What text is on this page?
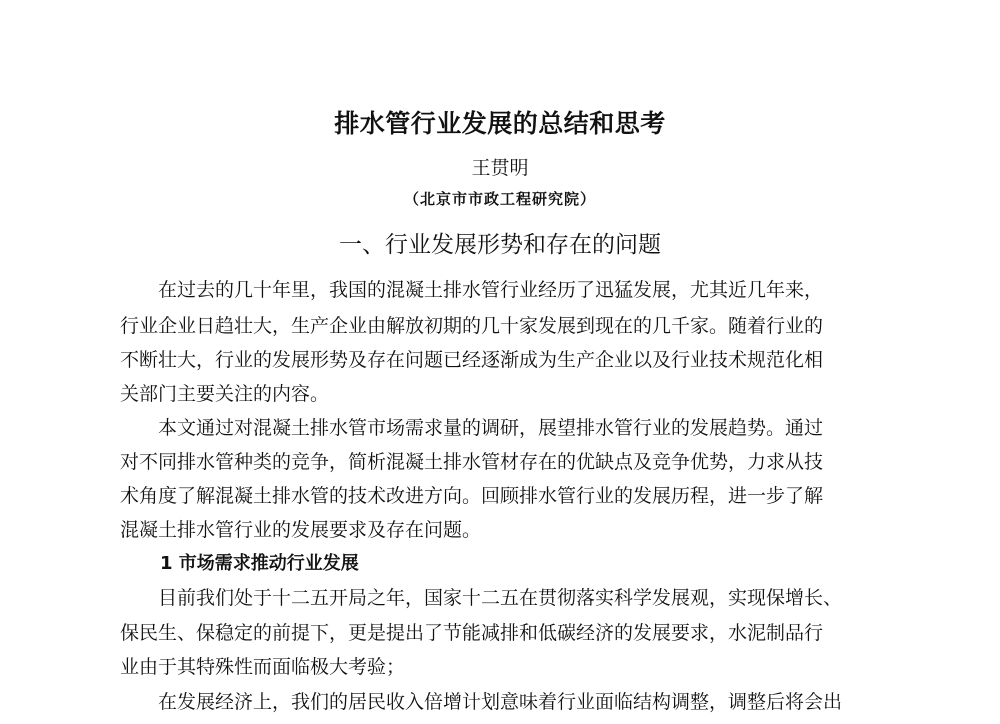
排水管行业发展的总结和思考
王贯明
（北京市市政工程研究院）
一、行业发展形势和存在的问题
在过去的几十年里，我国的混凝土排水管行业经历了迅猛发展，尤其近几年来，
行业企业日趋壮大，生产企业由解放初期的几十家发展到现在的几千家。随着行业的
不断壮大，行业的发展形势及存在问题已经逐渐成为生产企业以及行业技术规范化相
关部门主要关注的内容。
本文通过对混凝土排水管市场需求量的调研，展望排水管行业的发展趋势。通过
对不同排水管种类的竞争，简析混凝土排水管材存在的优缺点及竞争优势，力求从技
术角度了解混凝土排水管的技术改进方向。回顾排水管行业的发展历程，进一步了解
混凝土排水管行业的发展要求及存在问题。
1 市场需求推动行业发展
目前我们处于十二五开局之年，国家十二五在贯彻落实科学发展观，实现保增长、
保民生、保稳定的前提下，更是提出了节能减排和低碳经济的发展要求，水泥制品行
业由于其特殊性而面临极大考验；
在发展经济上，我们的居民收入倍增计划意味着行业面临结构调整，调整后将会出
